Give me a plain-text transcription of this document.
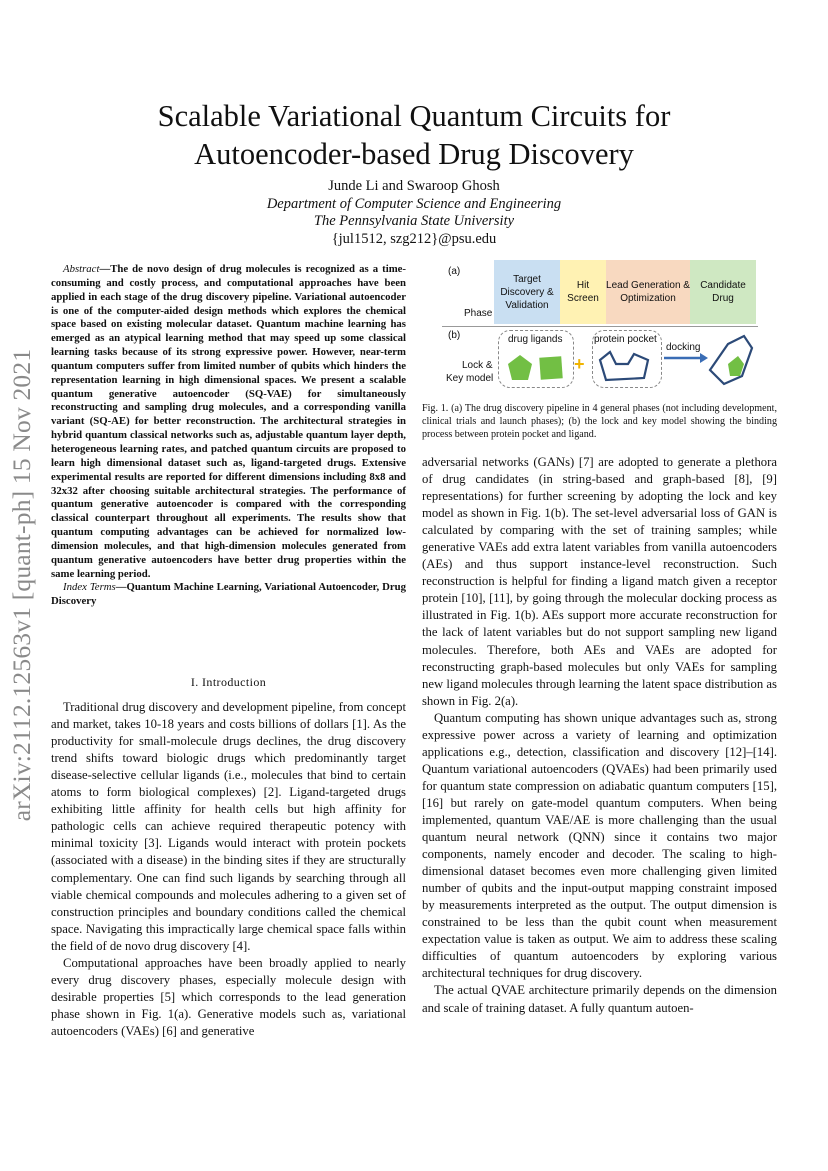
arXiv:2112.12563v1 [quant-ph] 15 Nov 2021
Scalable Variational Quantum Circuits for
Autoencoder-based Drug Discovery
Junde Li and Swaroop Ghosh
Department of Computer Science and Engineering
The Pennsylvania State University
{jul1512, szg212}@psu.edu

Abstract—The de novo design of drug molecules is recognized as a time-consuming and costly process, and computational approaches have been applied in each stage of the drug discovery pipeline. Variational autoencoder is one of the computer-aided design methods which explores the chemical space based on existing molecular dataset. Quantum machine learning has emerged as an atypical learning method that may speed up some classical learning tasks because of its strong expressive power. However, near-term quantum computers suffer from limited number of qubits which hinders the representation learning in high dimensional spaces. We present a scalable quantum generative autoencoder (SQ-VAE) for simultaneously reconstructing and sampling drug molecules, and a corresponding vanilla variant (SQ-AE) for better reconstruction. The architectural strategies in hybrid quantum classical networks such as, adjustable quantum layer depth, heterogeneous learning rates, and patched quantum circuits are proposed to learn high dimensional dataset such as, ligand-targeted drugs. Extensive experimental results are reported for different dimensions including 8x8 and 32x32 after choosing suitable architectural strategies. The performance of quantum generative autoencoder is compared with the corresponding classical counterpart throughout all experiments. The results show that quantum computing advantages can be achieved for normalized low-dimension molecules, and that high-dimension molecules generated from quantum generative autoencoders have better drug properties within the same learning period.

Index Terms—Quantum Machine Learning, Variational Autoencoder, Drug Discovery

I. Introduction

Traditional drug discovery and development pipeline, from concept and market, takes 10-18 years and costs billions of dollars [1]. As the productivity for small-molecule drugs declines, the drug discovery trend shifts toward biologic drugs which predominantly target disease-selective cellular ligands (i.e., molecules that bind to certain atoms to form biological complexes) [2]. Ligand-targeted drugs exhibiting little affinity for health cells but high affinity for pathologic cells can achieve required therapeutic potency with minimal toxicity [3]. Ligands would interact with protein pockets (associated with a disease) in the binding sites if they are structurally complementary. One can find such ligands by searching through all viable chemical compounds and molecules adhering to a given set of construction principles and boundary conditions called the chemical space. Navigating this impractically large chemical space falls within the field of de novo drug discovery [4].

Computational approaches have been broadly applied to nearly every drug discovery phases, especially molecule design with desirable properties [5] which corresponds to the lead generation phase shown in Fig. 1(a). Generative models such as, variational autoencoders (VAEs) [6] and generative

(a)
Phase
Target Discovery & Validation
Hit Screen
Lead Generation & Optimization
Candidate Drug
(b)
Lock &
Key model
drug ligands	protein pocket
docking
+
Fig. 1. (a) The drug discovery pipeline in 4 general phases (not including development, clinical trials and launch phases); (b) the lock and key model showing the binding process between protein pocket and ligand.

adversarial networks (GANs) [7] are adopted to generate a plethora of drug candidates (in string-based and graph-based [8], [9] representations) for further screening by adopting the lock and key model as shown in Fig. 1(b). The set-level adversarial loss of GAN is calculated by comparing with the set of training samples; while generative VAEs add extra latent variables from vanilla autoencoders (AEs) and thus support instance-level reconstruction. Such reconstruction is helpful for finding a ligand match given a receptor protein [10], [11], by going through the molecular docking process as illustrated in Fig. 1(b). AEs support more accurate reconstruction for the lack of latent variables but do not support sampling new ligand molecules. Therefore, both AEs and VAEs are adopted for reconstructing graph-based molecules but only VAEs for sampling new ligand molecules through learning the latent space distribution as shown in Fig. 2(a).

Quantum computing has shown unique advantages such as, strong expressive power across a variety of learning and optimization applications e.g., detection, classification and discovery [12]–[14]. Quantum variational autoencoders (QVAEs) had been primarily used for quantum state compression on adiabatic quantum computers [15], [16] but rarely on gate-model quantum computers. When being implemented, quantum VAE/AE is more challenging than the usual quantum neural network (QNN) since it contains two major components, namely encoder and decoder. The scaling to high-dimensional dataset becomes even more challenging given limited number of qubits and the input-output mapping constraint imposed by measurements interpreted as the output. The output dimension is constrained to be less than the qubit count when measurement expectation value is taken as output. We aim to address these scaling difficulties of quantum autoencoders by exploring various architectural techniques for drug discovery.

The actual QVAE architecture primarily depends on the dimension and scale of training dataset. A fully quantum autoen-
